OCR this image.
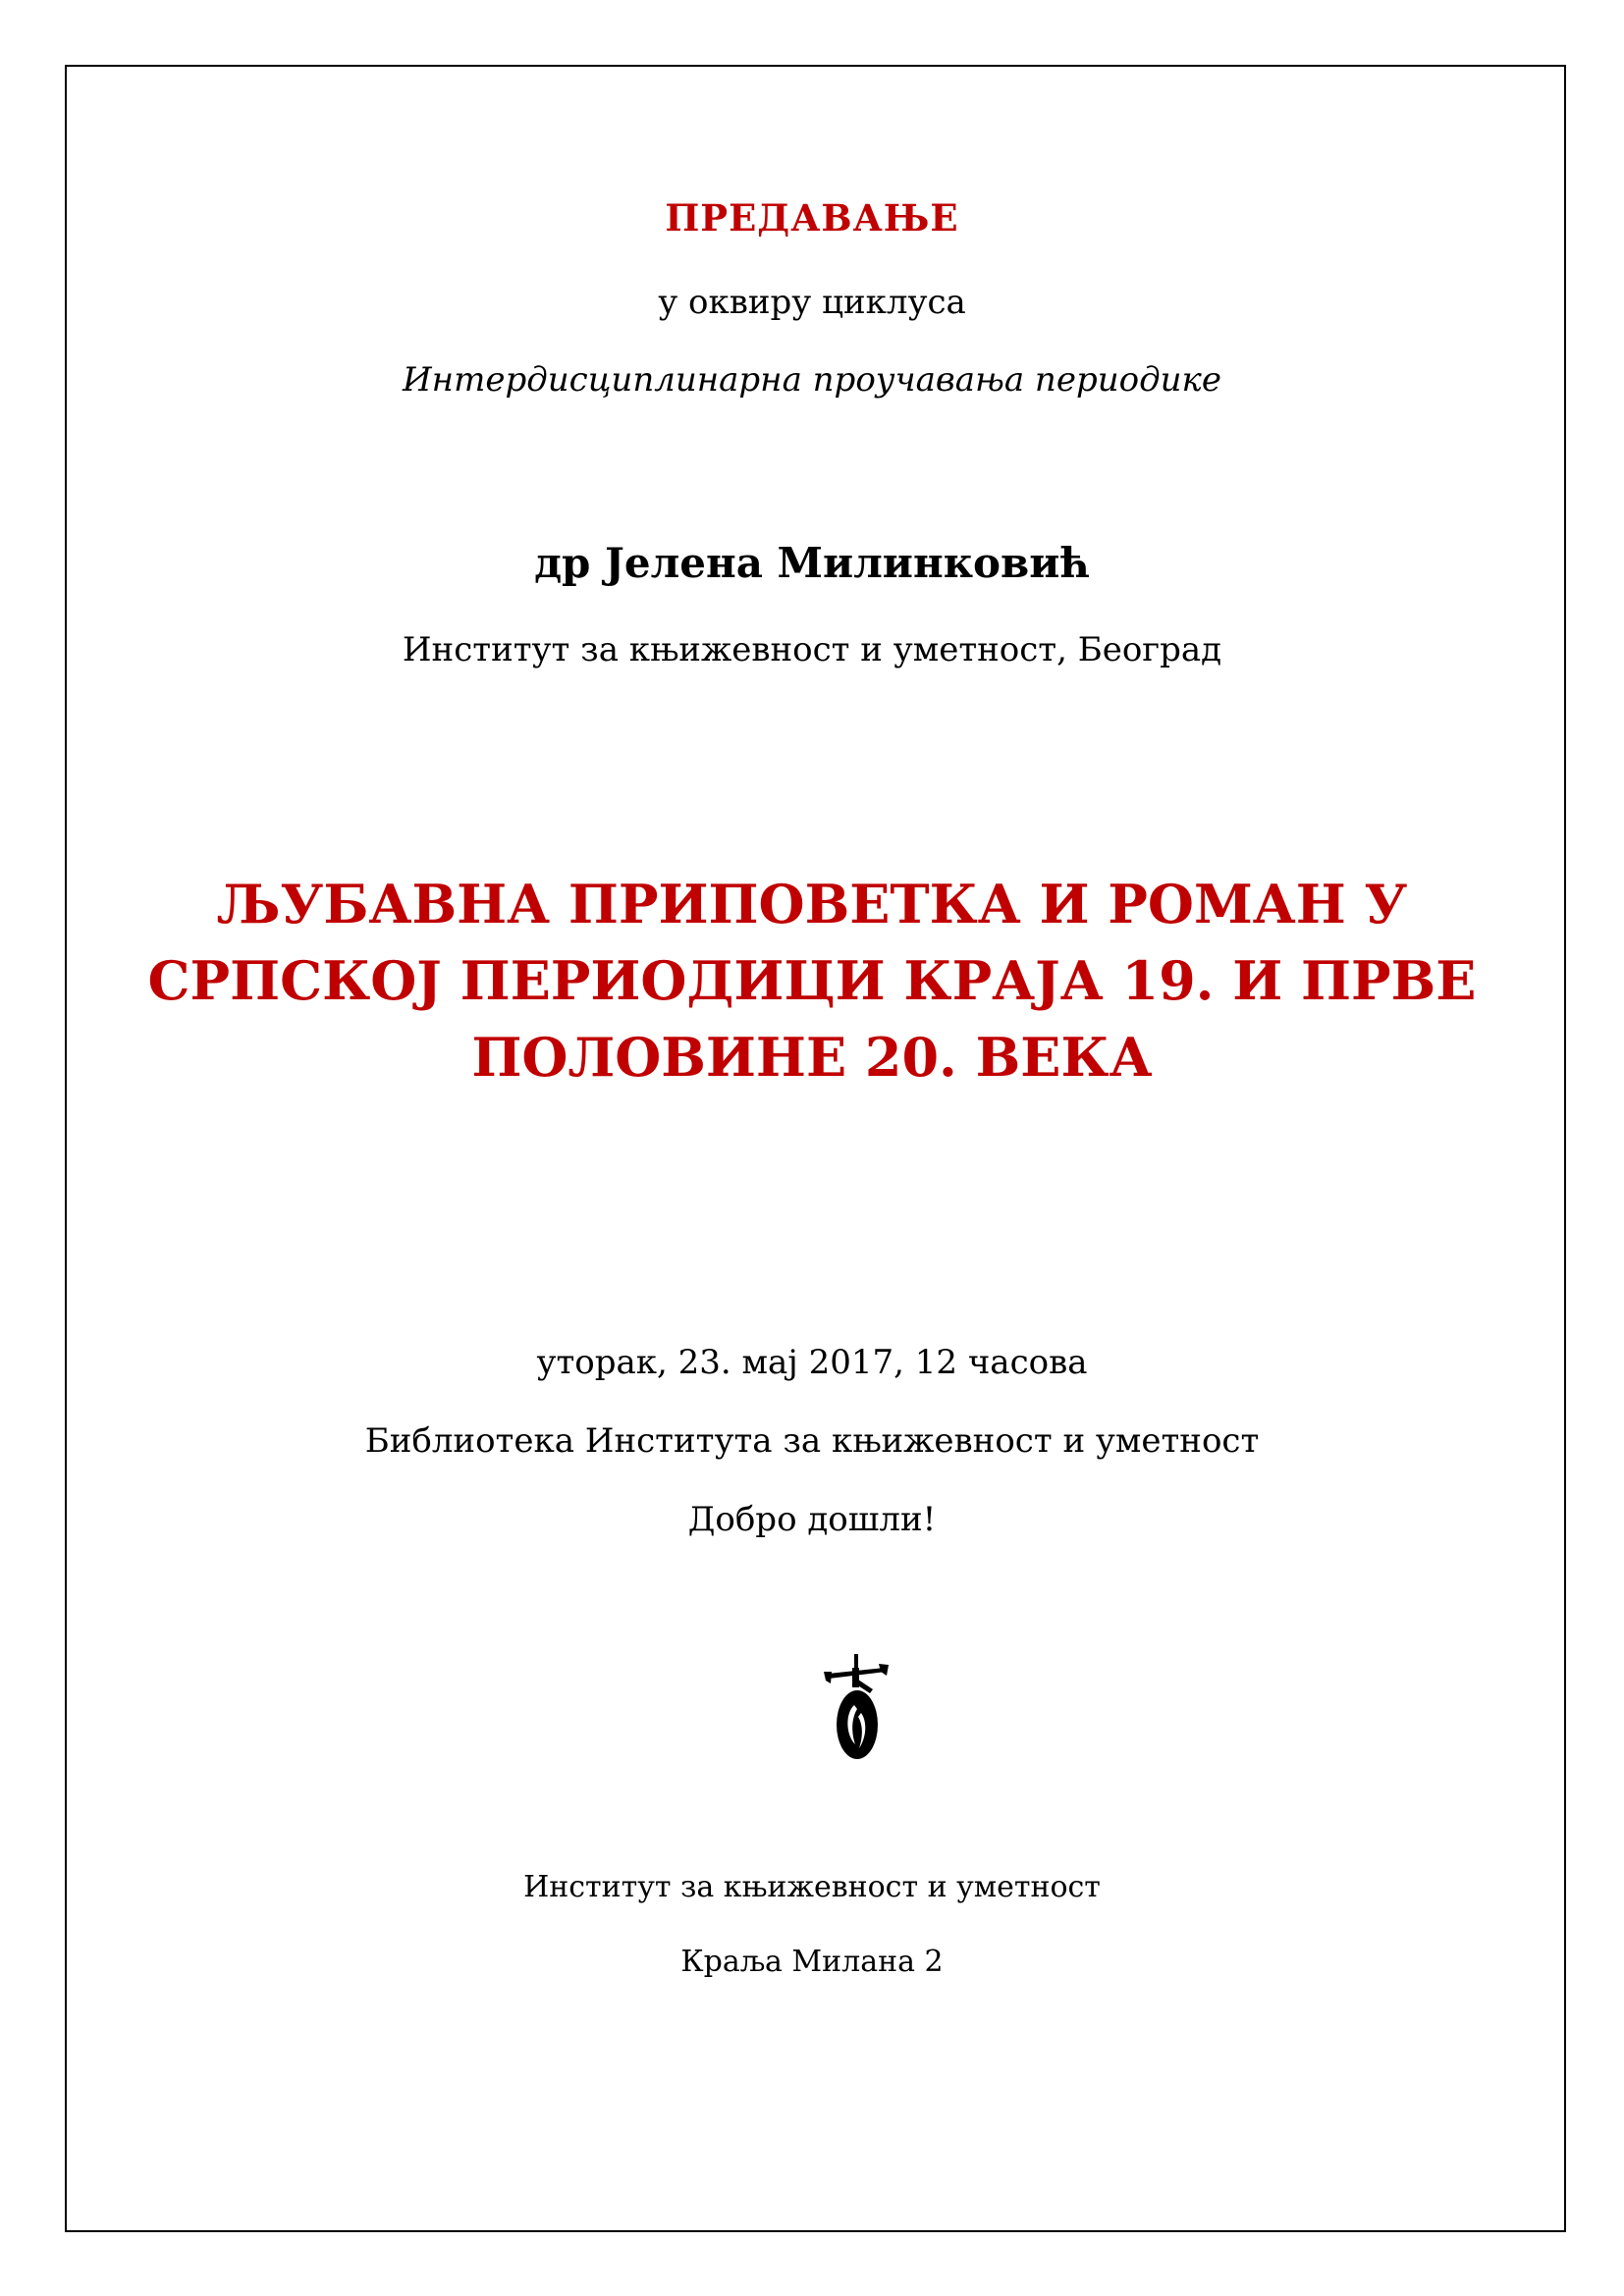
ПРЕДАВАЊЕ

у оквиру циклуса

Интердисциплинарна проучавања периодике

др Јелена Милинковић

Институт за књижевност и уметност, Београд

ЉУБАВНА ПРИПОВЕТКА И РОМАН У
СРПСКОЈ ПЕРИОДИЦИ КРАЈА 19. И ПРВЕ
ПОЛОВИНЕ 20. ВЕКА

уторак, 23. мај 2017, 12 часова

Библиотека Института за књижевност и уметност

Добро дошли!

Институт за књижевност и уметност

Краља Милана 2
